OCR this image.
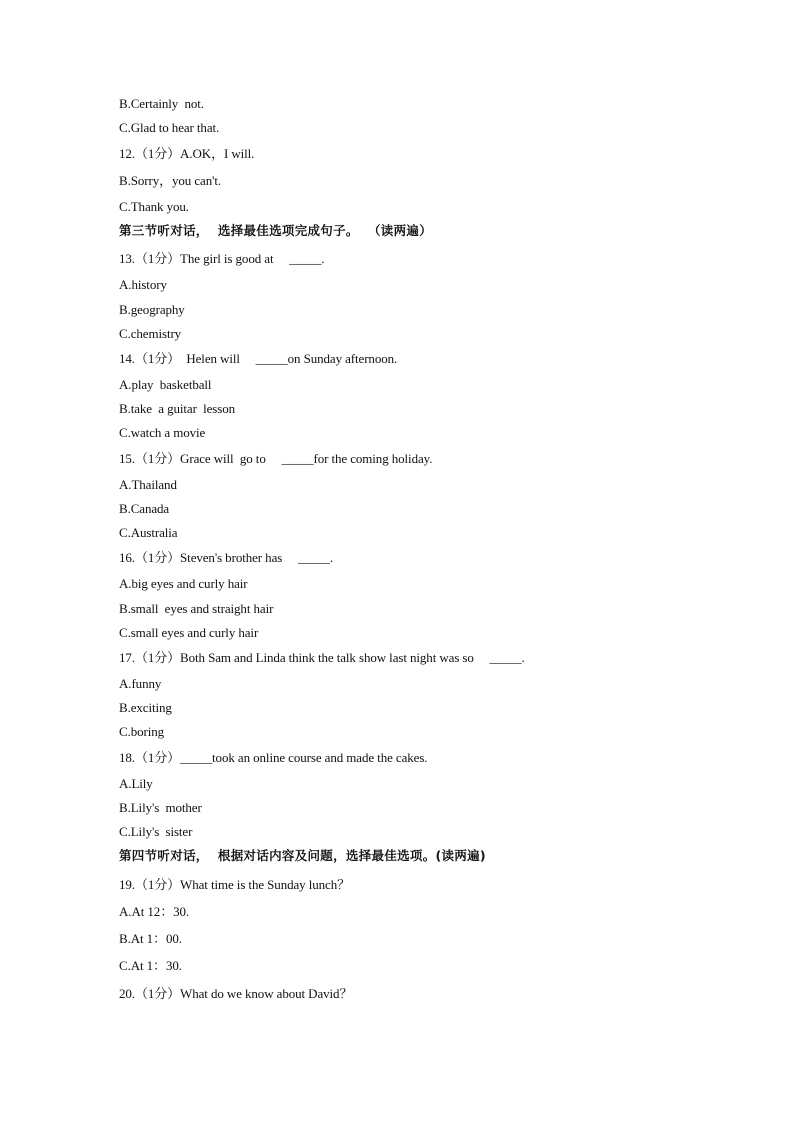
B.Certainly  not.
C.Glad to hear that.
12.（1分）A.OK，I will.
B.Sorry，you can't.
C.Thank you.
第三节听对话，  选择最佳选项完成句子。  （读两遍）
13.（1分）The girl is good at     _____.
A.history
B.geography
C.chemistry
14.（1分）  Helen will     _____on Sunday afternoon.
A.play  basketball
B.take  a guitar  lesson
C.watch a movie
15.（1分）Grace will  go to     _____for the coming holiday.
A.Thailand
B.Canada
C.Australia
16.（1分）Steven's brother has     _____.
A.big eyes and curly hair
B.small  eyes and straight hair
C.small eyes and curly hair
17.（1分）Both Sam and Linda think the talk show last night was so     _____.
A.funny
B.exciting
C.boring
18.（1分）_____took an online course and made the cakes.
A.Lily
B.Lily's  mother
C.Lily's  sister
第四节听对话，  根据对话内容及问题，选择最佳选项。(读两遍)
19.（1分）What time is the Sunday lunch？
A.At 12：30.
B.At 1：00.
C.At 1：30.
20.（1分）What do we know about David？
